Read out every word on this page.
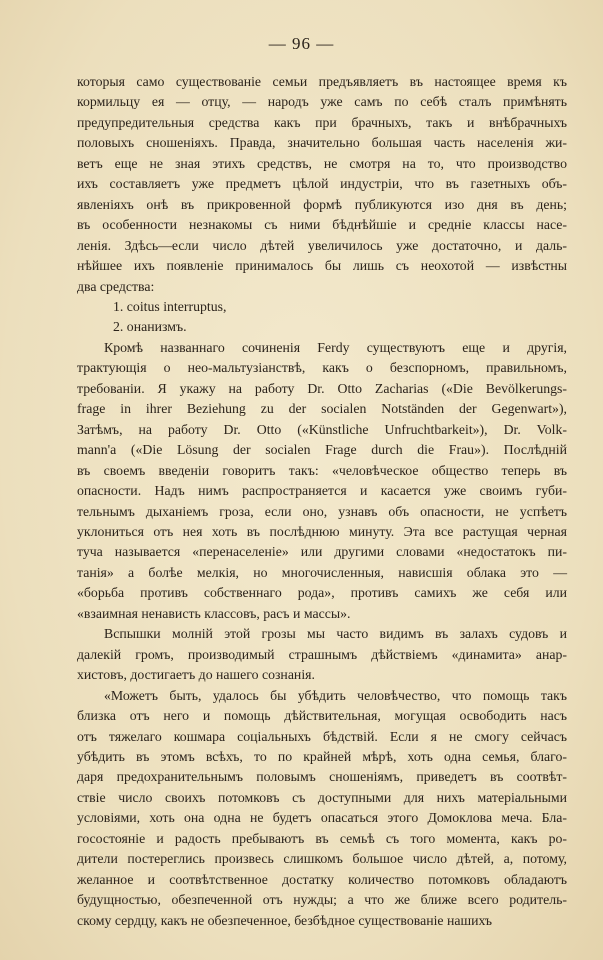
— 96 —
которыя само существованіе семьи предъявляетъ въ настоящее время къ
кормильцу ея — отцу, — народъ уже самъ по себѣ сталъ примѣнять
предупредительныя средства какъ при брачныхъ, такъ и внѣбрачныхъ
половыхъ сношеніяхъ. Правда, значительно большая часть населенія жи-
ветъ еще не зная этихъ средствъ, не смотря на то, что производство
ихъ составляетъ уже предметъ цѣлой индустріи, что въ газетныхъ объ-
явленіяхъ онѣ въ прикровенной формѣ публикуются изо дня въ день;
въ особенности незнакомы съ ними бѣднѣйшіе и средніе классы насе-
ленія. Здѣсь—если число дѣтей увеличилось уже достаточно, и даль-
нѣйшее ихъ появленіе принималось бы лишь съ неохотой — извѣстны
два средства:
1. coitus interruptus,
2. онанизмъ.
Кромѣ названнаго сочиненія Ferdy существуютъ еще и другія,
трактующія о нео-мальтузіанствѣ, какъ о безспорномъ, правильномъ,
требованіи. Я укажу на работу Dr. Otto Zacharias («Die Bevölkerungs-
frage in ihrer Beziehung zu der socialen Notständen der Gegenwart»),
Затѣмъ, на работу Dr. Otto («Künstliche Unfruchtbarkeit»), Dr. Volk-
mann'a («Die Lösung der socialen Frage durch die Frau»). Послѣдній
въ своемъ введеніи говоритъ такъ: «человѣческое общество теперь въ
опасности. Надъ нимъ распространяется и касается уже своимъ губи-
тельнымъ дыханіемъ гроза, если оно, узнавъ объ опасности, не успѣетъ
уклониться отъ нея хоть въ послѣднюю минуту. Эта все растущая черная
туча называется «перенаселеніе» или другими словами «недостатокъ пи-
танія» а болѣе мелкія, но многочисленныя, нависшія облака это —
«борьба противъ собственнаго рода», противъ самихъ же себя или
«взаимная ненависть классовъ, расъ и массы».
Вспышки молній этой грозы мы часто видимъ въ залахъ судовъ и
далекій громъ, производимый страшнымъ дѣйствіемъ «динамита» анар-
хистовъ, достигаетъ до нашего сознанія.
«Можетъ быть, удалось бы убѣдить человѣчество, что помощь такъ
близка отъ него и помощь дѣйствительная, могущая освободить насъ
отъ тяжелаго кошмара соціальныхъ бѣдствій. Если я не смогу сейчасъ
убѣдить въ этомъ всѣхъ, то по крайней мѣрѣ, хоть одна семья, благо-
даря предохранительнымъ половымъ сношеніямъ, приведетъ въ соотвѣт-
ствіе число своихъ потомковъ съ доступными для нихъ матеріальными
условіями, хоть она одна не будетъ опасаться этого Домоклова меча. Бла-
госостояніе и радость пребываютъ въ семьѣ съ того момента, какъ ро-
дители постереглись произвесь слишкомъ большое число дѣтей, а, потому,
желанное и соотвѣтственное достатку количество потомковъ обладаютъ
будущностью, обезпеченной отъ нужды; а что же ближе всего родитель-
скому сердцу, какъ не обезпеченное, безбѣдное существованіе нашихъ
